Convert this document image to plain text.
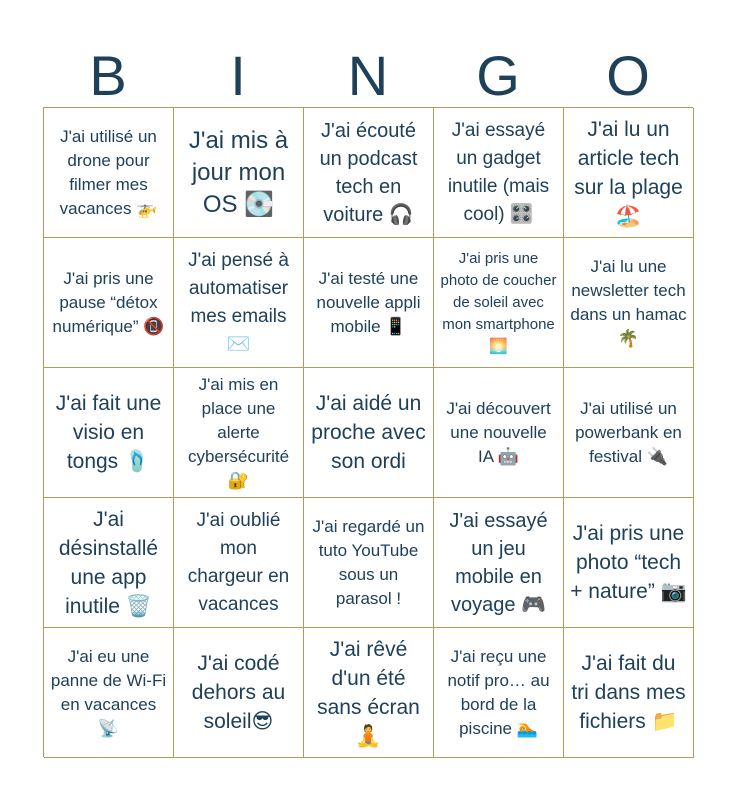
B	I	N	G	O
J'ai utilisé un drone pour filmer mes vacances 🚁
J'ai mis à jour mon OS 💽
J'ai écouté un podcast tech en voiture 🎧
J'ai essayé un gadget inutile (mais cool) 🎛️
J'ai lu un article tech sur la plage 🏖️
J'ai pris une pause “détox numérique” 📵
J'ai pensé à automatiser mes emails ✉️
J'ai testé une nouvelle appli mobile 📱
J'ai pris une photo de coucher de soleil avec mon smartphone 🌅
J'ai lu une newsletter tech dans un hamac 🌴
J'ai fait une visio en tongs 🩴
J'ai mis en place une alerte cybersécurité 🔐
J'ai aidé un proche avec son ordi
J'ai découvert une nouvelle IA 🤖
J'ai utilisé un powerbank en festival 🔌
J'ai désinstallé une app inutile 🗑️
J'ai oublié mon chargeur en vacances
J'ai regardé un tuto YouTube sous un parasol !
J'ai essayé un jeu mobile en voyage 🎮
J'ai pris une photo “tech + nature” 📷
J'ai eu une panne de Wi-Fi en vacances 📡
J'ai codé dehors au soleil😎
J'ai rêvé d'un été sans écran 🧘
J'ai reçu une notif pro… au bord de la piscine 🏊
J'ai fait du tri dans mes fichiers 📁
